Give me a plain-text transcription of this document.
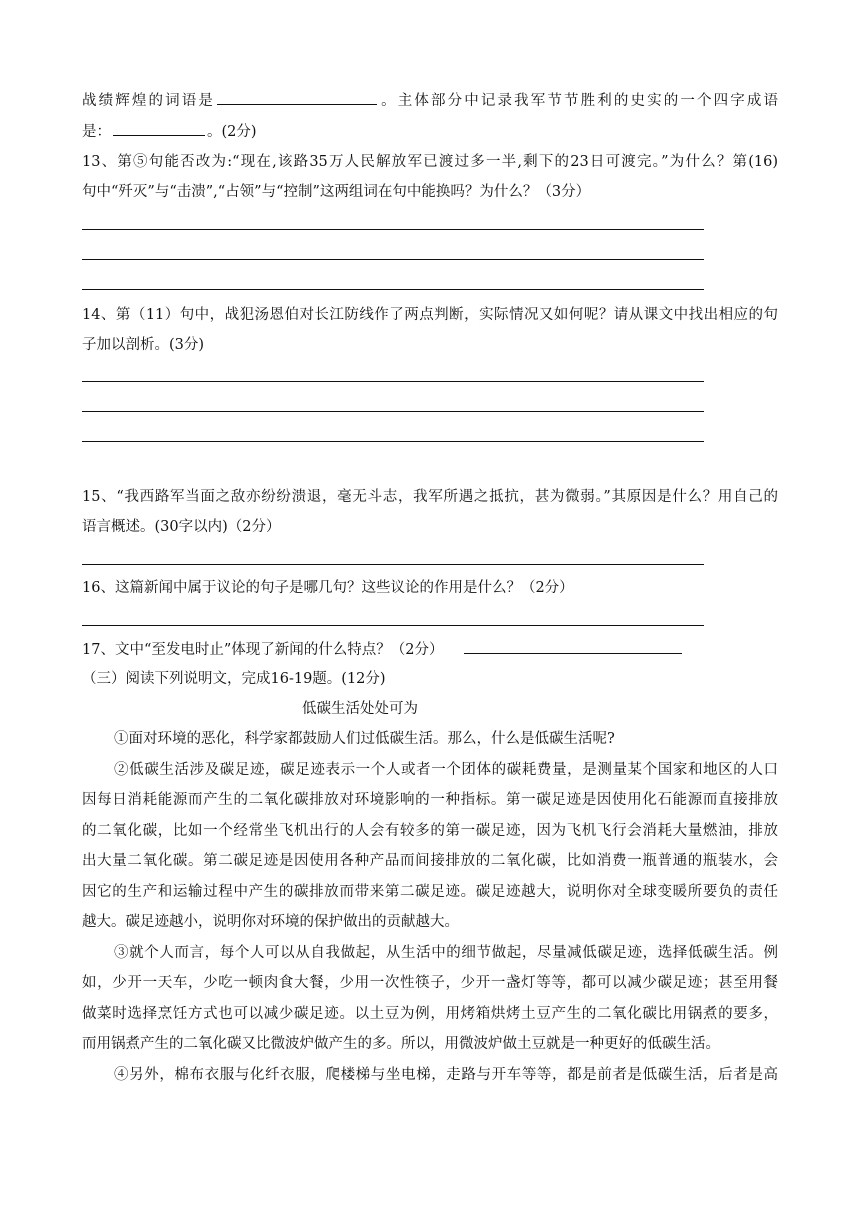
战绩辉煌的词语是	。主体部分中记录我军节节胜利的史实的一个四字成语
是：	。(2分)
13、第⑤句能否改为:“现在,该路35万人民解放军已渡过多一半,剩下的23日可渡完。”为什么？第(16)
句中“歼灭”与“击溃”,“占领”与“控制”这两组词在句中能换吗？为什么？（3分）
14、第（11）句中，战犯汤恩伯对长江防线作了两点判断，实际情况又如何呢？请从课文中找出相应的句
子加以剖析。(3分)
15、“我西路军当面之敌亦纷纷溃退，毫无斗志，我军所遇之抵抗，甚为微弱。”其原因是什么？用自己的
语言概述。(30字以内)（2分）
16、这篇新闻中属于议论的句子是哪几句？这些议论的作用是什么？（2分）
17、文中“至发电时止”体现了新闻的什么特点？（2分）
（三）阅读下列说明文，完成16-19题。(12分)
低碳生活处处可为
①面对环境的恶化，科学家都鼓励人们过低碳生活。那么，什么是低碳生活呢?
②低碳生活涉及碳足迹，碳足迹表示一个人或者一个团体的碳耗费量，是测量某个国家和地区的人口
因每日消耗能源而产生的二氧化碳排放对环境影响的一种指标。第一碳足迹是因使用化石能源而直接排放
的二氧化碳，比如一个经常坐飞机出行的人会有较多的第一碳足迹，因为飞机飞行会消耗大量燃油，排放
出大量二氧化碳。第二碳足迹是因使用各种产品而间接排放的二氧化碳，比如消费一瓶普通的瓶装水，会
因它的生产和运输过程中产生的碳排放而带来第二碳足迹。碳足迹越大，说明你对全球变暖所要负的责任
越大。碳足迹越小，说明你对环境的保护做出的贡献越大。
③就个人而言，每个人可以从自我做起，从生活中的细节做起，尽量减低碳足迹，选择低碳生活。例
如，少开一天车，少吃一顿肉食大餐，少用一次性筷子，少开一盏灯等等，都可以减少碳足迹；甚至用餐
做菜时选择烹饪方式也可以减少碳足迹。以土豆为例，用烤箱烘烤土豆产生的二氧化碳比用锅煮的要多，
而用锅煮产生的二氧化碳又比微波炉做产生的多。所以，用微波炉做土豆就是一种更好的低碳生活。
④另外，棉布衣服与化纤衣服，爬楼梯与坐电梯，走路与开车等等，都是前者是低碳生活，后者是高
